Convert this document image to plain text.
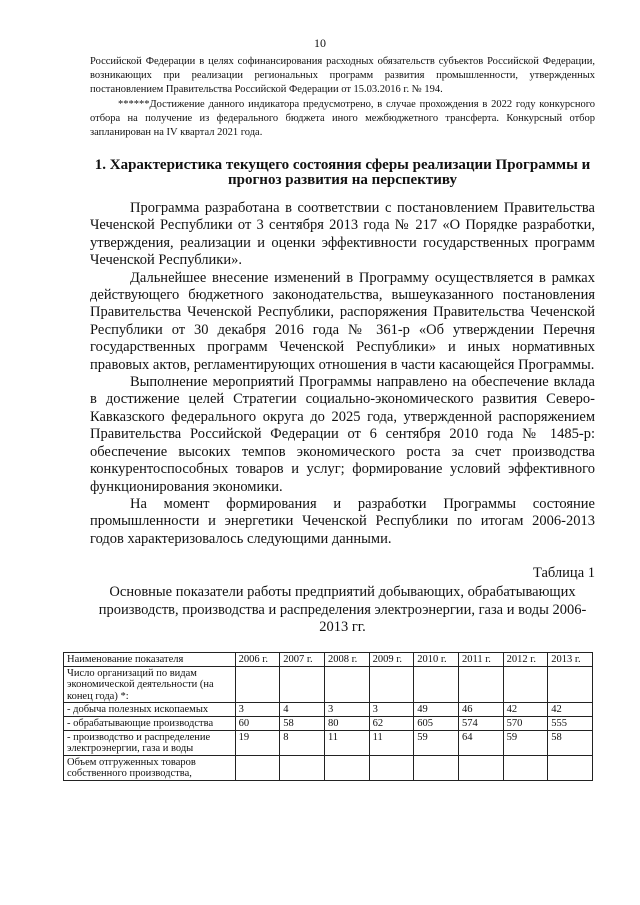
10

Российской Федерации в целях софинансирования расходных обязательств субъектов Российской Федерации, возникающих при реализации региональных программ развития промышленности, утвержденных постановлением Правительства Российской Федерации от 15.03.2016 г. № 194.

******Достижение данного индикатора предусмотрено, в случае прохождения в 2022 году конкурсного отбора на получение из федерального бюджета иного межбюджетного трансферта. Конкурсный отбор запланирован на IV квартал 2021 года.

1. Характеристика текущего состояния сферы реализации Программы и прогноз развития на перспективу

Программа разработана в соответствии с постановлением Правительства Чеченской Республики от 3 сентября 2013 года № 217 «О Порядке разработки, утверждения, реализации и оценки эффективности государственных программ Чеченской Республики».

Дальнейшее внесение изменений в Программу осуществляется в рамках действующего бюджетного законодательства, вышеуказанного постановления Правительства Чеченской Республики, распоряжения Правительства Чеченской Республики от 30 декабря 2016 года № 361-р «Об утверждении Перечня государственных программ Чеченской Республики» и иных нормативных правовых актов, регламентирующих отношения в части касающейся Программы.

Выполнение мероприятий Программы направлено на обеспечение вклада в достижение целей Стратегии социально-экономического развития Северо-Кавказского федерального округа до 2025 года, утвержденной распоряжением Правительства Российской Федерации от 6 сентября 2010 года № 1485-р: обеспечение высоких темпов экономического роста за счет производства конкурентоспособных товаров и услуг; формирование условий эффективного функционирования экономики.

На момент формирования и разработки Программы состояние промышленности и энергетики Чеченской Республики по итогам 2006-2013 годов характеризовалось следующими данными.

Таблица 1
Основные показатели работы предприятий добывающих, обрабатывающих производств, производства и распределения электроэнергии, газа и воды 2006-2013 гг.
Наименование показателя	2006 г.	2007 г.	2008 г.	2009 г.	2010 г.	2011 г.	2012 г.	2013 г.
Число организаций по видам экономической деятельности (на конец года) *:								
- добыча полезных ископаемых	3	4	3	3	49	46	42	42
- обрабатывающие производства	60	58	80	62	605	574	570	555
- производство и распределение электроэнергии, газа и воды	19	8	11	11	59	64	59	58
Объем отгруженных товаров собственного производства,								
